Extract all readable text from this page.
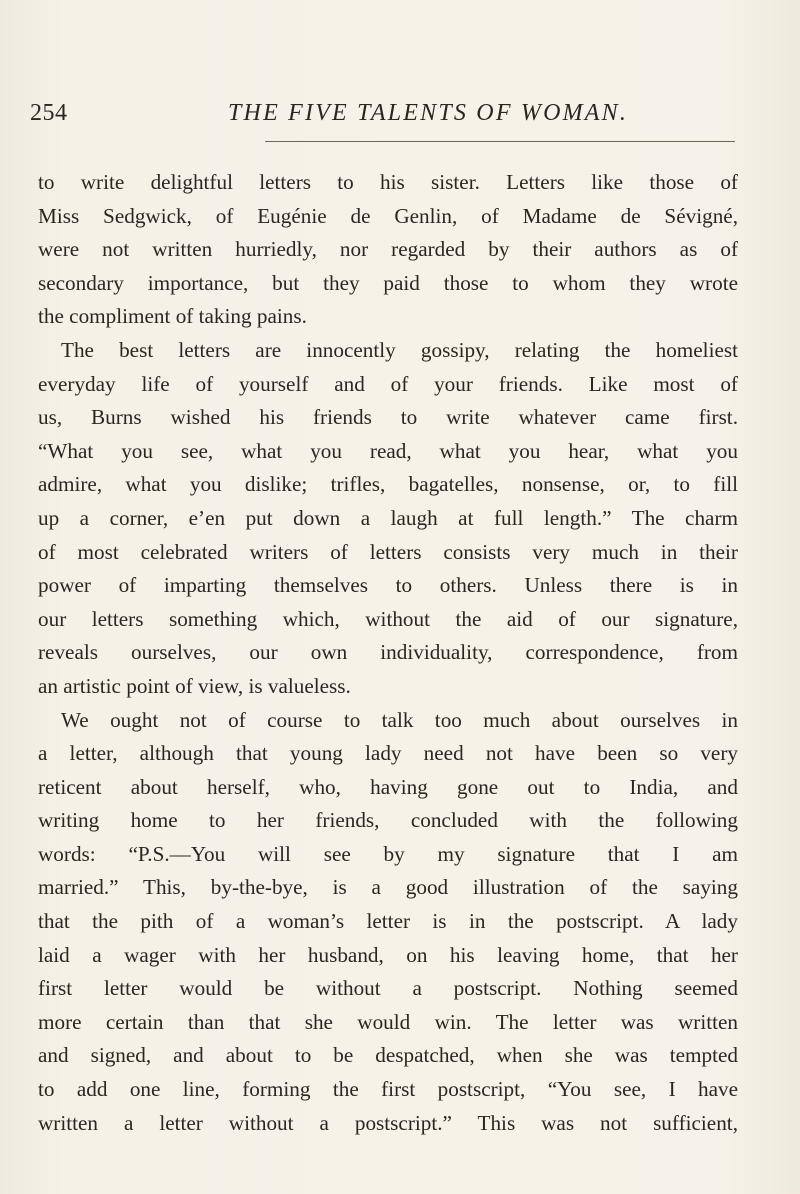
254	THE FIVE TALENTS OF WOMAN.
to write delightful letters to his sister. Letters like those of
Miss Sedgwick, of Eugénie de Genlin, of Madame de Sévigné,
were not written hurriedly, nor regarded by their authors as of
secondary importance, but they paid those to whom they wrote
the compliment of taking pains.
The best letters are innocently gossipy, relating the homeliest
everyday life of yourself and of your friends. Like most of
us, Burns wished his friends to write whatever came first.
“What you see, what you read, what you hear, what you
admire, what you dislike; trifles, bagatelles, nonsense, or, to fill
up a corner, e’en put down a laugh at full length.” The charm
of most celebrated writers of letters consists very much in their
power of imparting themselves to others. Unless there is in
our letters something which, without the aid of our signature,
reveals ourselves, our own individuality, correspondence, from
an artistic point of view, is valueless.
We ought not of course to talk too much about ourselves in
a letter, although that young lady need not have been so very
reticent about herself, who, having gone out to India, and
writing home to her friends, concluded with the following
words: “P.S.—You will see by my signature that I am
married.” This, by-the-bye, is a good illustration of the saying
that the pith of a woman’s letter is in the postscript. A lady
laid a wager with her husband, on his leaving home, that her
first letter would be without a postscript. Nothing seemed
more certain than that she would win. The letter was written
and signed, and about to be despatched, when she was tempted
to add one line, forming the first postscript, “You see, I have
written a letter without a postscript.” This was not sufficient,
